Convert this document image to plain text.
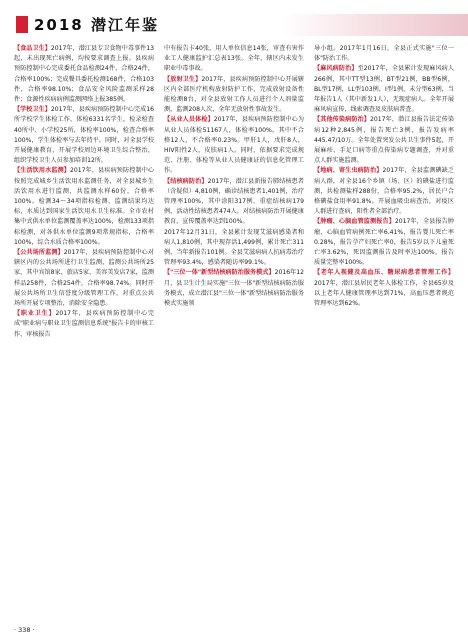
2018 潜江年鉴

【食品卫生】2017年，潜江县专卫食物中毒事件13起，未出现死亡病例，均按要求调查上报。县疾病预防控制中心完成委托食品检测24件，合格24件，合格率100%；完成餐具委托检测168件，合格103件，合格率98.10%；食品安全风险监测采样28件；食源性疾病病例监测网络上报385例。

【学校卫生】2017年，县疾病预防控制中心完成16所学校学生体检工作，体检6331名学生，检录检查40所中、小学校25所，体检率100%，检查合格率100%，学生体检率与去年持平。同时，对全县学校开展健康教育，开展学校周边环境卫生综合整治，组织学校卫生人员参加培训12所。

【生活饮用水监测】2017年，县疾病预防控制中心按照完成城乡生活饮用水监测任务，对全县城乡生活饮用水进行监测，共监测水样60份，合格率100%。检测34～34项指标检测，监测结果均达标，水质达到国家生活饮用水卫生标准。全市农村集中式供水单位监测覆盖率达100%，检测133项指标检测，对各供水单位监测9项常规指标，合格率100%，综合水质合格率100%。

【公共场所监测】2017年，县疾病预防控制中心对辖区内的公共场所进行卫生监测，监测公共场所25家，其中宾馆8家、旅店5家、美容美发店7家，监测样品258件，合格254件，合格率98.74%。同时开展公共场所卫生信誉度分级管理工作，对重点公共场所开展专项整治，消除安全隐患。

【职业卫生】2017年，县疾病预防控制中心完成"职业病与职业卫生监测信息系统"报告卡的审核工作，审核报告

中有报告卡40张，用人单位信息14张，审查有害作业工人健康监护汇总表13张。全年，辖区内未发生职业中毒事故。

【放射卫生】2017年，县疾病预防控制中心开展辖区内全部医疗机构放射防护工作，完成放射设备性能检测8台，对全县放射工作人员进行个人剂量监测，监测208人次，全年无放射性事故发生。

【从业人员体检】2017年，县疾病预防控制中心为从业人员体检51167人，体检率100%。其中不合格12人，不合格率0.23%。甲肝1人，戊肝8人，HIV阳性2人，皮肤病1人。同时，依据要求完成规范、注册、体检等从业人员健康证的信息化管理工作。

【结核病防治】2017年，潜江县新报告肺结核患者（含疑似）4,810例，确诊结核患者1,401例，治疗管理率100%，其中涂阳317例，重症结核病179例，活动性结核患者474人。对结核病防治开展健康教育，宣传覆盖率达到100%。

2017年12月31日，全县累计发现艾滋病感染者和病人1,810例，其中现存活1,499例，累计死亡311例，当年新报告101例。全县艾滋病病人抗病毒治疗管理率93.4%，感染者随访率99.1%。

【"三位一体"新型结核病防治服务模式】2016年12月，县卫生计生局实施"三位一体"新型结核病防治服务模式，成立潜江县"三位一体"新型结核病防治服务模式实施领

导小组。2017年1月16日，全县正式实施"三位一体"防治工作。

【麻风病防治】至2017年，全县累计发现麻风病人266例，其中TT型13例，BT型21例，BB型6例，BL型17例，LL型103例，I型1例，未分型63例，当年报告1人（其中新发1人），无现症病人。全年开展麻风病宣传，线索调查及皮肤病普查。

【其他传染病防治】2017年，潜江县报告法定传染病12种2,845例，报告死亡3例，报告发病率445.47/10万。全年处置突发公共卫生事件5起，开展麻疹、手足口病等重点传染病专题调查，并对重点人群实施监测。

【地病、寄生虫病防治】2017年，全县监测碘缺乏病人群，对全县16个乡镇（场、区）的碘盐进行监测，共检测盐样288份，合格率95.2%，居民户合格碘盐食用率91.8%。开展血吸虫病查治，对疫区人群进行查病，阳性者全部治疗。

【肿瘤、心脑血管监测报告】2017年，全县报告肿瘤、心脑血管病例死亡率6.41%，报告婴儿死亡率0.28%，报告孕产妇死亡率0，报告5岁以下儿童死亡率3.62%，死因监测报告及时率达100%，报告质量完整率100%。

【老年人视健及高血压、糖尿病患者管理工作】2017年，潜江县居民老年人体检工作，全县65岁及以上老年人健康管理率达到71%，高血压患者规范管理率达到62%。

· 338 ·
